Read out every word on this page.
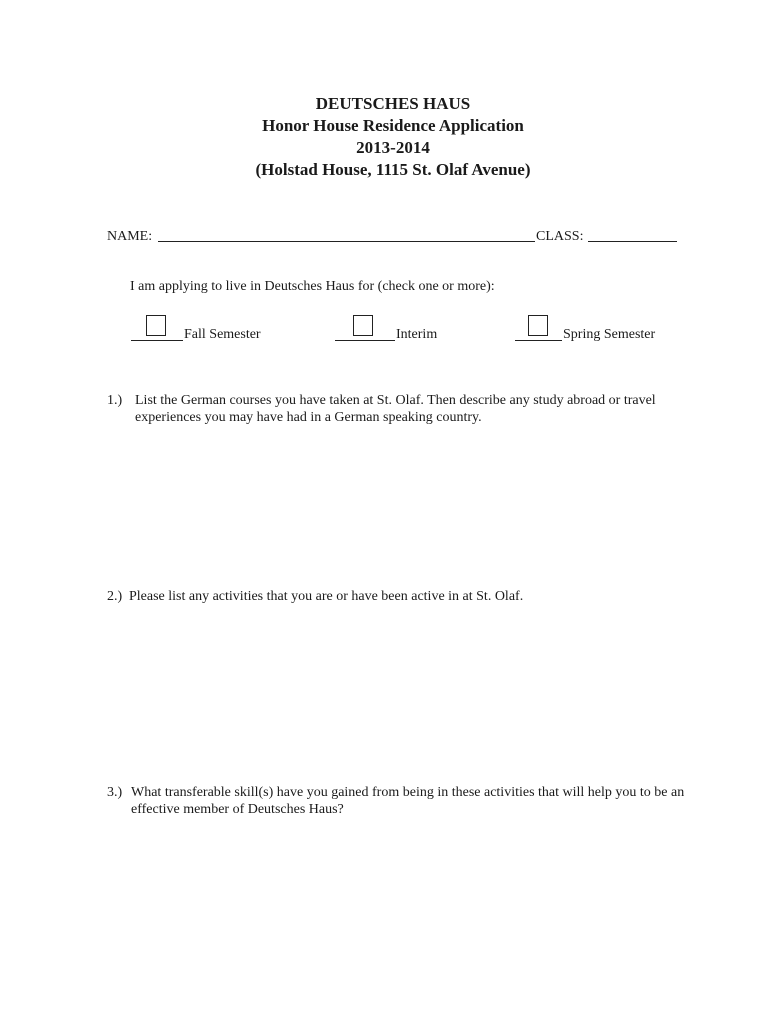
DEUTSCHES HAUS
Honor House Residence Application
2013-2014
(Holstad House, 1115 St. Olaf Avenue)
NAME:	CLASS:
I am applying to live in Deutsches Haus for (check one or more):
Fall Semester	Interim	Spring Semester
1.) List the German courses you have taken at St. Olaf. Then describe any study abroad or travel
experiences you may have had in a German speaking country.
2.) Please list any activities that you are or have been active in at St. Olaf.
3.) What transferable skill(s) have you gained from being in these activities that will help you to be an
effective member of Deutsches Haus?
